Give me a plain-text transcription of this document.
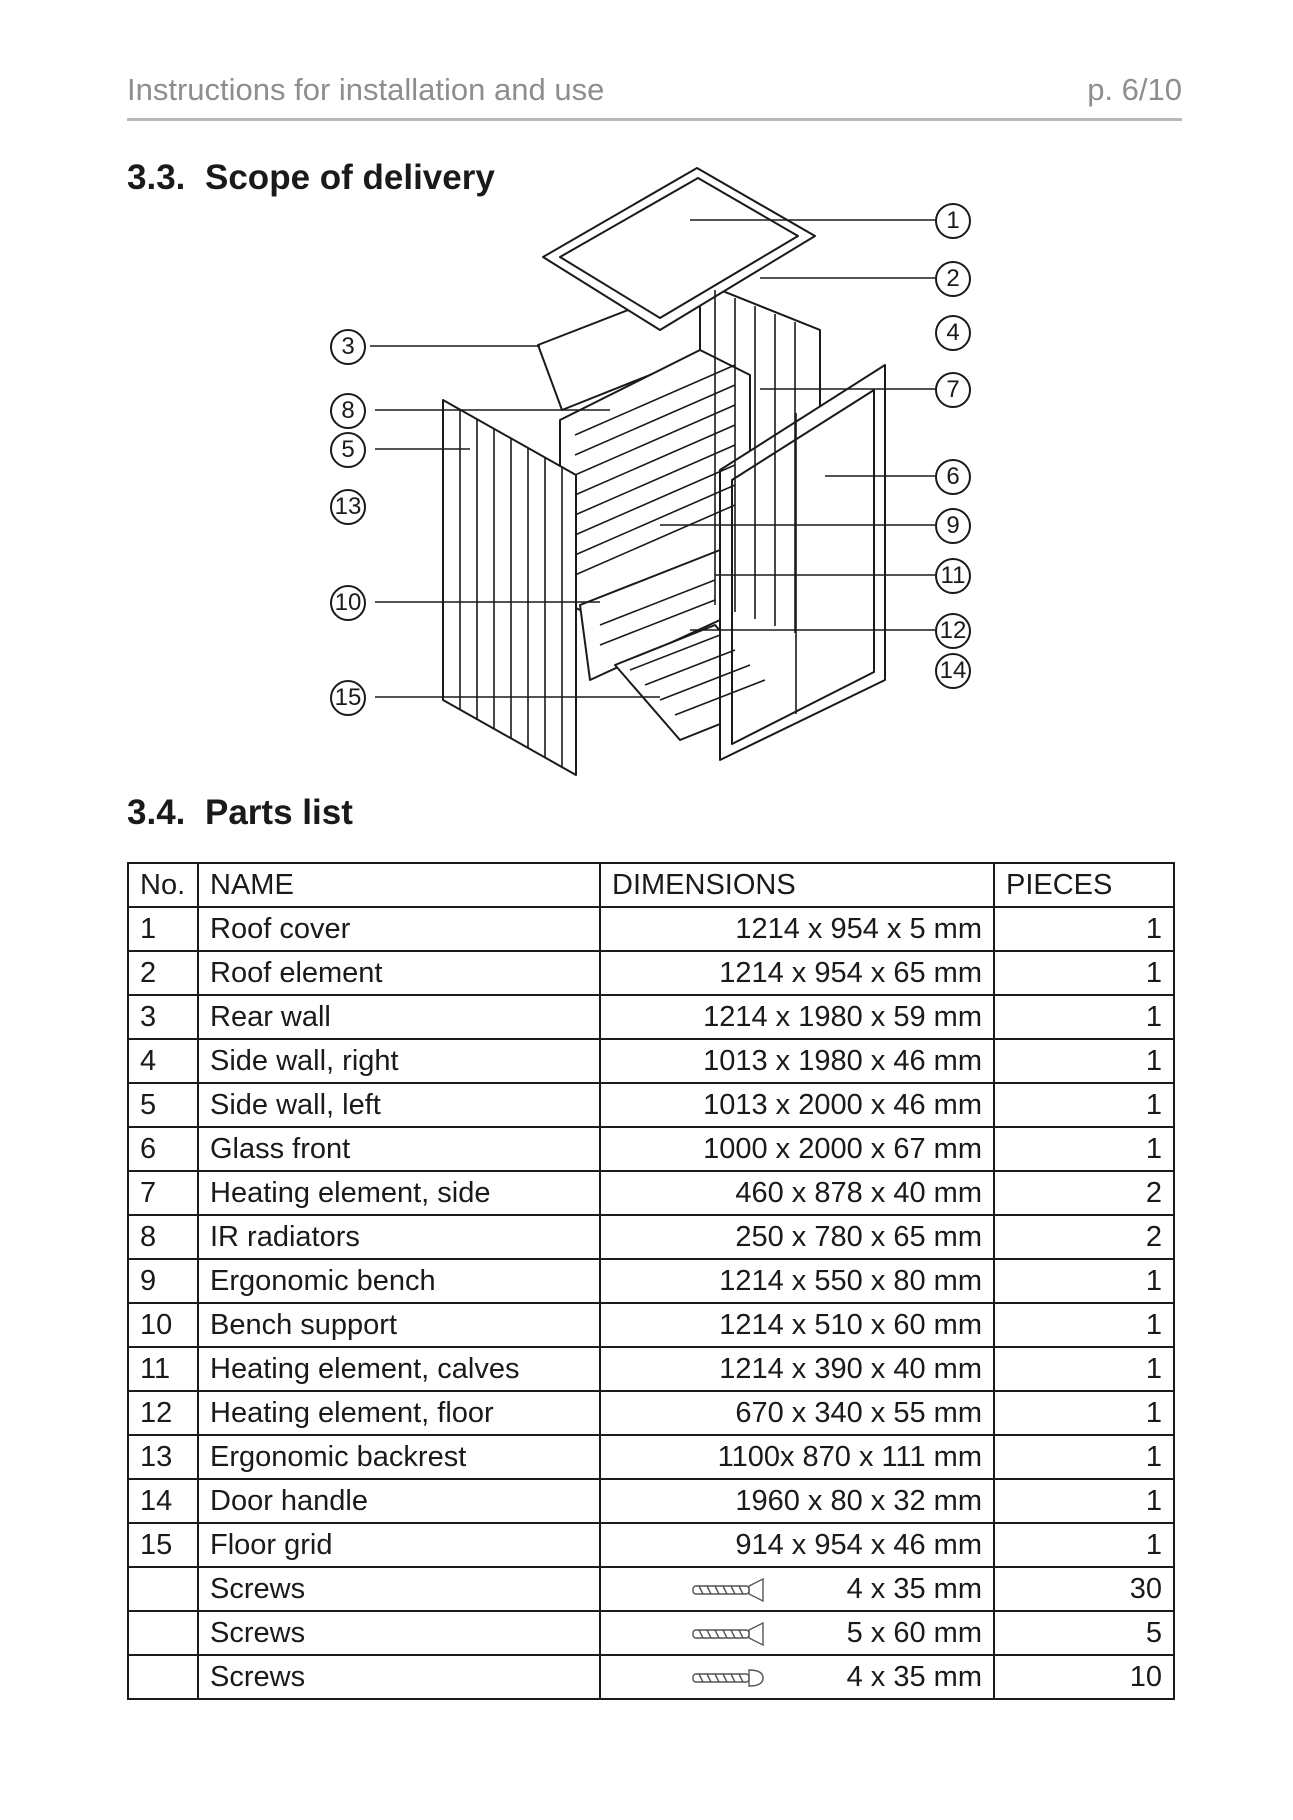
Instructions for installation and use	p. 6/10
3.3. Scope of delivery
1
2
3
4
5
6
7
8
9
10
11
12
13
14
15
3.4. Parts list
No.	NAME	DIMENSIONS	PIECES
1	Roof cover	1214 x 954 x 5 mm	1
2	Roof element	1214 x 954 x 65 mm	1
3	Rear wall	1214 x 1980 x 59 mm	1
4	Side wall, right	1013 x 1980 x 46 mm	1
5	Side wall, left	1013 x 2000 x 46 mm	1
6	Glass front	1000 x 2000 x 67 mm	1
7	Heating element, side	460 x 878 x 40 mm	2
8	IR radiators	250 x 780 x 65 mm	2
9	Ergonomic bench	1214 x 550 x 80 mm	1
10	Bench support	1214 x 510 x 60 mm	1
11	Heating element, calves	1214 x 390 x 40 mm	1
12	Heating element, floor	670 x 340 x 55 mm	1
13	Ergonomic backrest	1100x 870 x 111 mm	1
14	Door handle	1960 x 80 x 32 mm	1
15	Floor grid	914 x 954 x 46 mm	1
	Screws	4 x 35 mm	30
	Screws	5 x 60 mm	5
	Screws	4 x 35 mm	10
